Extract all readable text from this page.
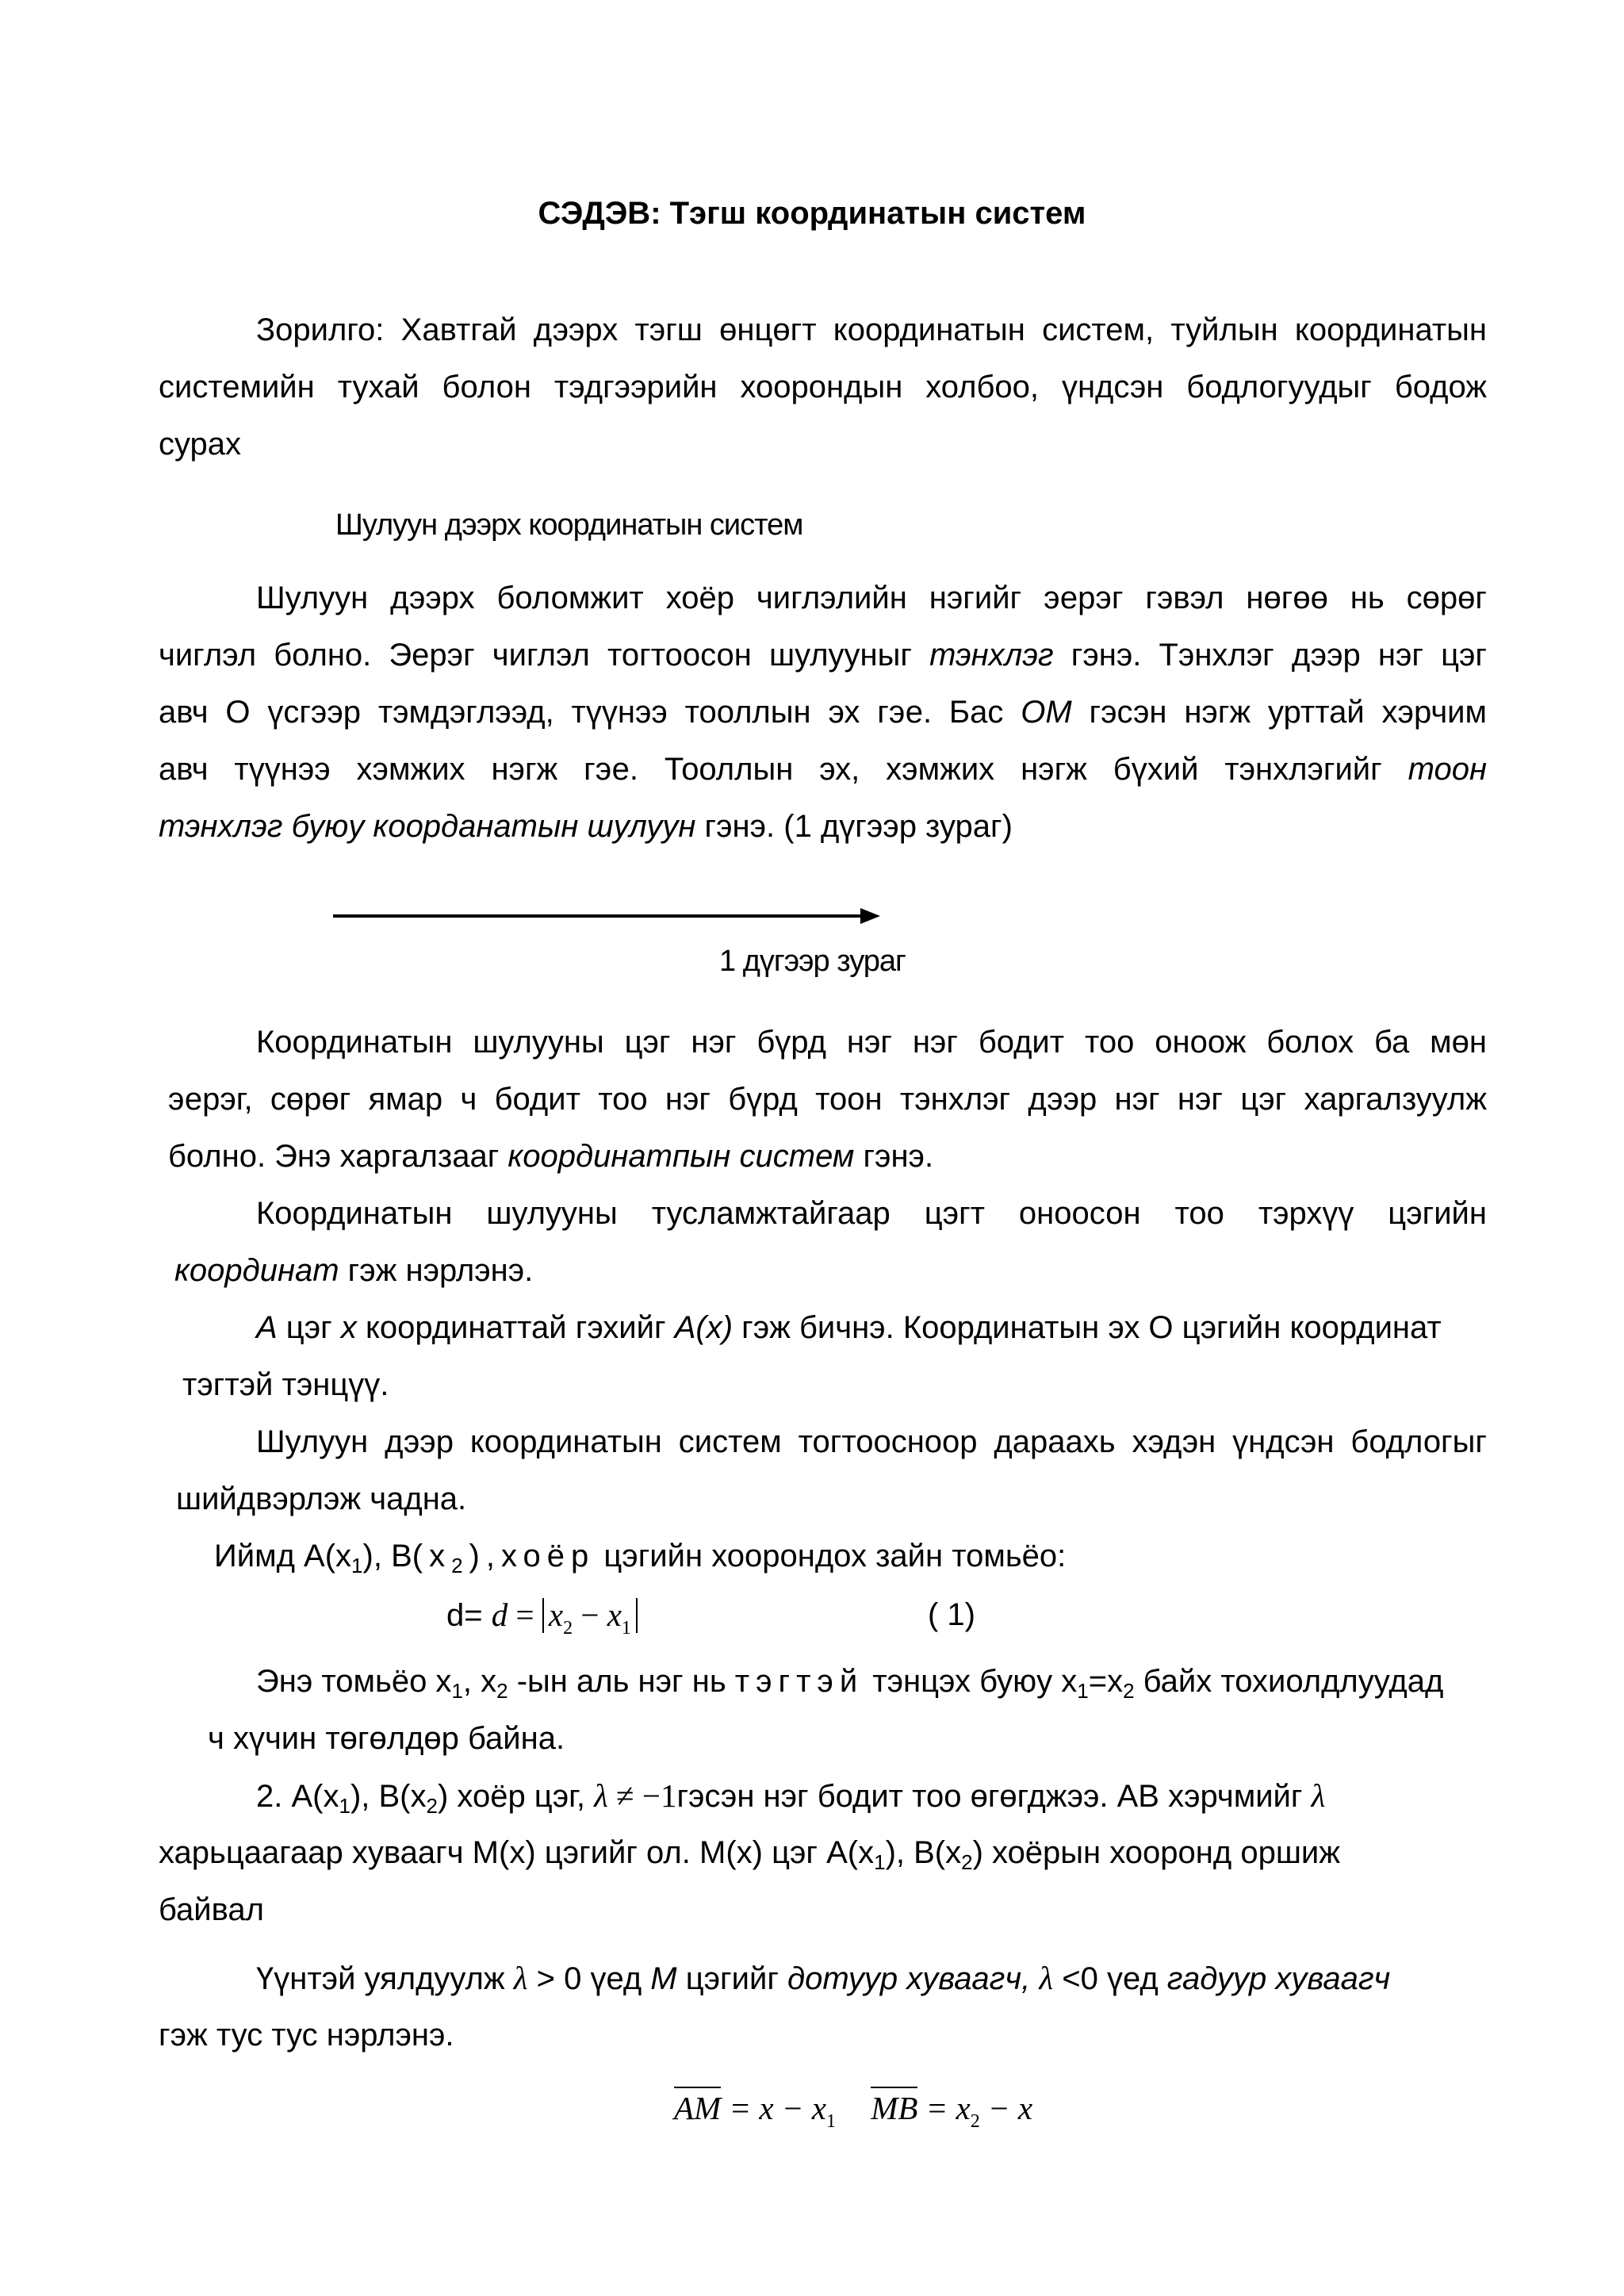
СЭДЭВ: Тэгш координатын систем
Зорилго: Хавтгай дээрх тэгш өнцөгт координатын систем, туйлын координатын
системийн тухай болон тэдгээрийн хоорондын холбоо, үндсэн бодлогуудыг бодож
сурах
Шулуун дээрх координатын систем
Шулуун дээрх боломжит хоёр чиглэлийн нэгийг эерэг гэвэл нөгөө нь сөрөг
чиглэл болно. Эерэг чиглэл тогтоосон шулууныг тэнхлэг гэнэ. Тэнхлэг дээр нэг цэг
авч О үсгээр тэмдэглээд, түүнээ тооллын эх гэе. Бас ОМ гэсэн нэгж урттай хэрчим
авч түүнээ хэмжих нэгж гэе. Тооллын эх, хэмжих нэгж бүхий тэнхлэгийг тоон
тэнхлэг буюу коорданатын шулуун гэнэ. (1 дүгээр зураг)
1 дүгээр зураг
Координатын шулууны цэг нэг бүрд нэг нэг бодит тоо оноож болох ба мөн
эерэг, сөрөг ямар ч бодит тоо нэг бүрд тоон тэнхлэг дээр нэг нэг цэг харгалзуулж
болно. Энэ харгалзааг координатпын систем гэнэ.
Координатын шулууны тусламжтайгаар цэгт оноосон тоо тэрхүү цэгийн
координат гэж нэрлэнэ.
А цэг х координаттай гэхийг А(х) гэж бичнэ. Координатын эх О цэгийн координат
тэгтэй тэнцүү.
Шулуун дээр координатын систем тогтоосноор дараахь хэдэн үндсэн бодлогыг
шийдвэрлэж чадна.
Иймд $А(х_1)$, $В(х_2),хоёр$ цэгийн хоорондох зайн томьёо:
$d= d = x_2 - x_1$	( 1)
Энэ томьёо $х_1$, $х_2$ -ын аль нэг нь тэгтэй тэнцэх буюу $х_1=х_2$ байх тохиолдлуудад
ч хүчин төгөлдөр байна.
2. $А(х_1)$, $В(х_2)$ хоёр цэг, λ ≠ −1гэсэн нэг бодит тоо өгөгджээ. АВ хэрчмийг λ
харьцаагаар хуваагч М(х) цэгийг ол. М(х) цэг $А(х_1)$, $В(х_2)$ хоёрын хооронд оршиж
байвал
Үүнтэй уялдуулж λ > 0 үед М цэгийг дотуур хуваагч, λ <0 үед гадуур хуваагч
гэж тус тус нэрлэнэ.
AM = $x - x_1$ MB = $x_2 - x$
